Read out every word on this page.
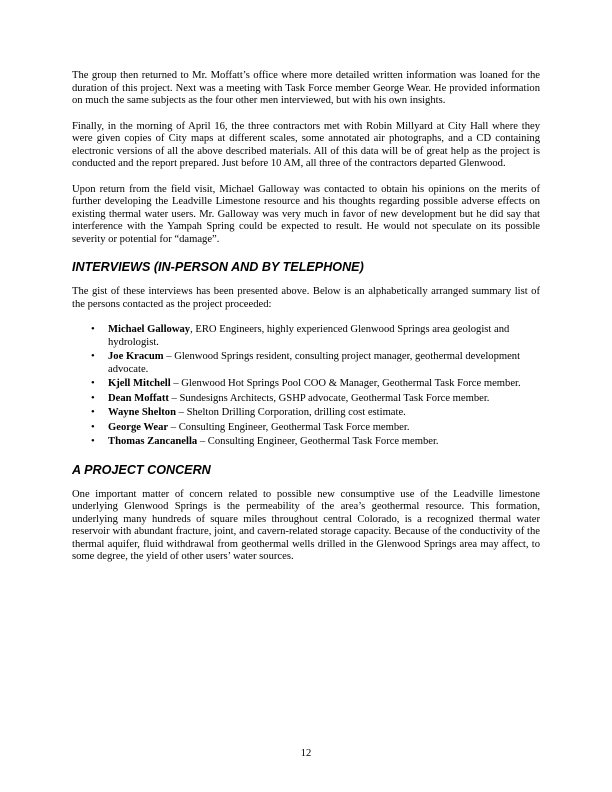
The group then returned to Mr. Moffatt’s office where more detailed written information was loaned for the duration of this project. Next was a meeting with Task Force member George Wear. He provided information on much the same subjects as the four other men interviewed, but with his own insights.

Finally, in the morning of April 16, the three contractors met with Robin Millyard at City Hall where they were given copies of City maps at different scales, some annotated air photographs, and a CD containing electronic versions of all the above described materials. All of this data will be of great help as the project is conducted and the report prepared. Just before 10 AM, all three of the contractors departed Glenwood.

Upon return from the field visit, Michael Galloway was contacted to obtain his opinions on the merits of further developing the Leadville Limestone resource and his thoughts regarding possible adverse effects on existing thermal water users. Mr. Galloway was very much in favor of new development but he did say that interference with the Yampah Spring could be expected to result. He would not speculate on its possible severity or potential for “damage”.

INTERVIEWS (IN-PERSON AND BY TELEPHONE)

The gist of these interviews has been presented above. Below is an alphabetically arranged summary list of the persons contacted as the project proceeded:

• Michael Galloway, ERO Engineers, highly experienced Glenwood Springs area geologist and hydrologist.
• Joe Kracum – Glenwood Springs resident, consulting project manager, geothermal development advocate.
• Kjell Mitchell – Glenwood Hot Springs Pool COO & Manager, Geothermal Task Force member.
• Dean Moffatt – Sundesigns Architects, GSHP advocate, Geothermal Task Force member.
• Wayne Shelton – Shelton Drilling Corporation, drilling cost estimate.
• George Wear – Consulting Engineer, Geothermal Task Force member.
• Thomas Zancanella – Consulting Engineer, Geothermal Task Force member.
A PROJECT CONCERN

One important matter of concern related to possible new consumptive use of the Leadville limestone underlying Glenwood Springs is the permeability of the area’s geothermal resource. This formation, underlying many hundreds of square miles throughout central Colorado, is a recognized thermal water reservoir with abundant fracture, joint, and cavern-related storage capacity. Because of the conductivity of the thermal aquifer, fluid withdrawal from geothermal wells drilled in the Glenwood Springs area may affect, to some degree, the yield of other users’ water sources.

12
